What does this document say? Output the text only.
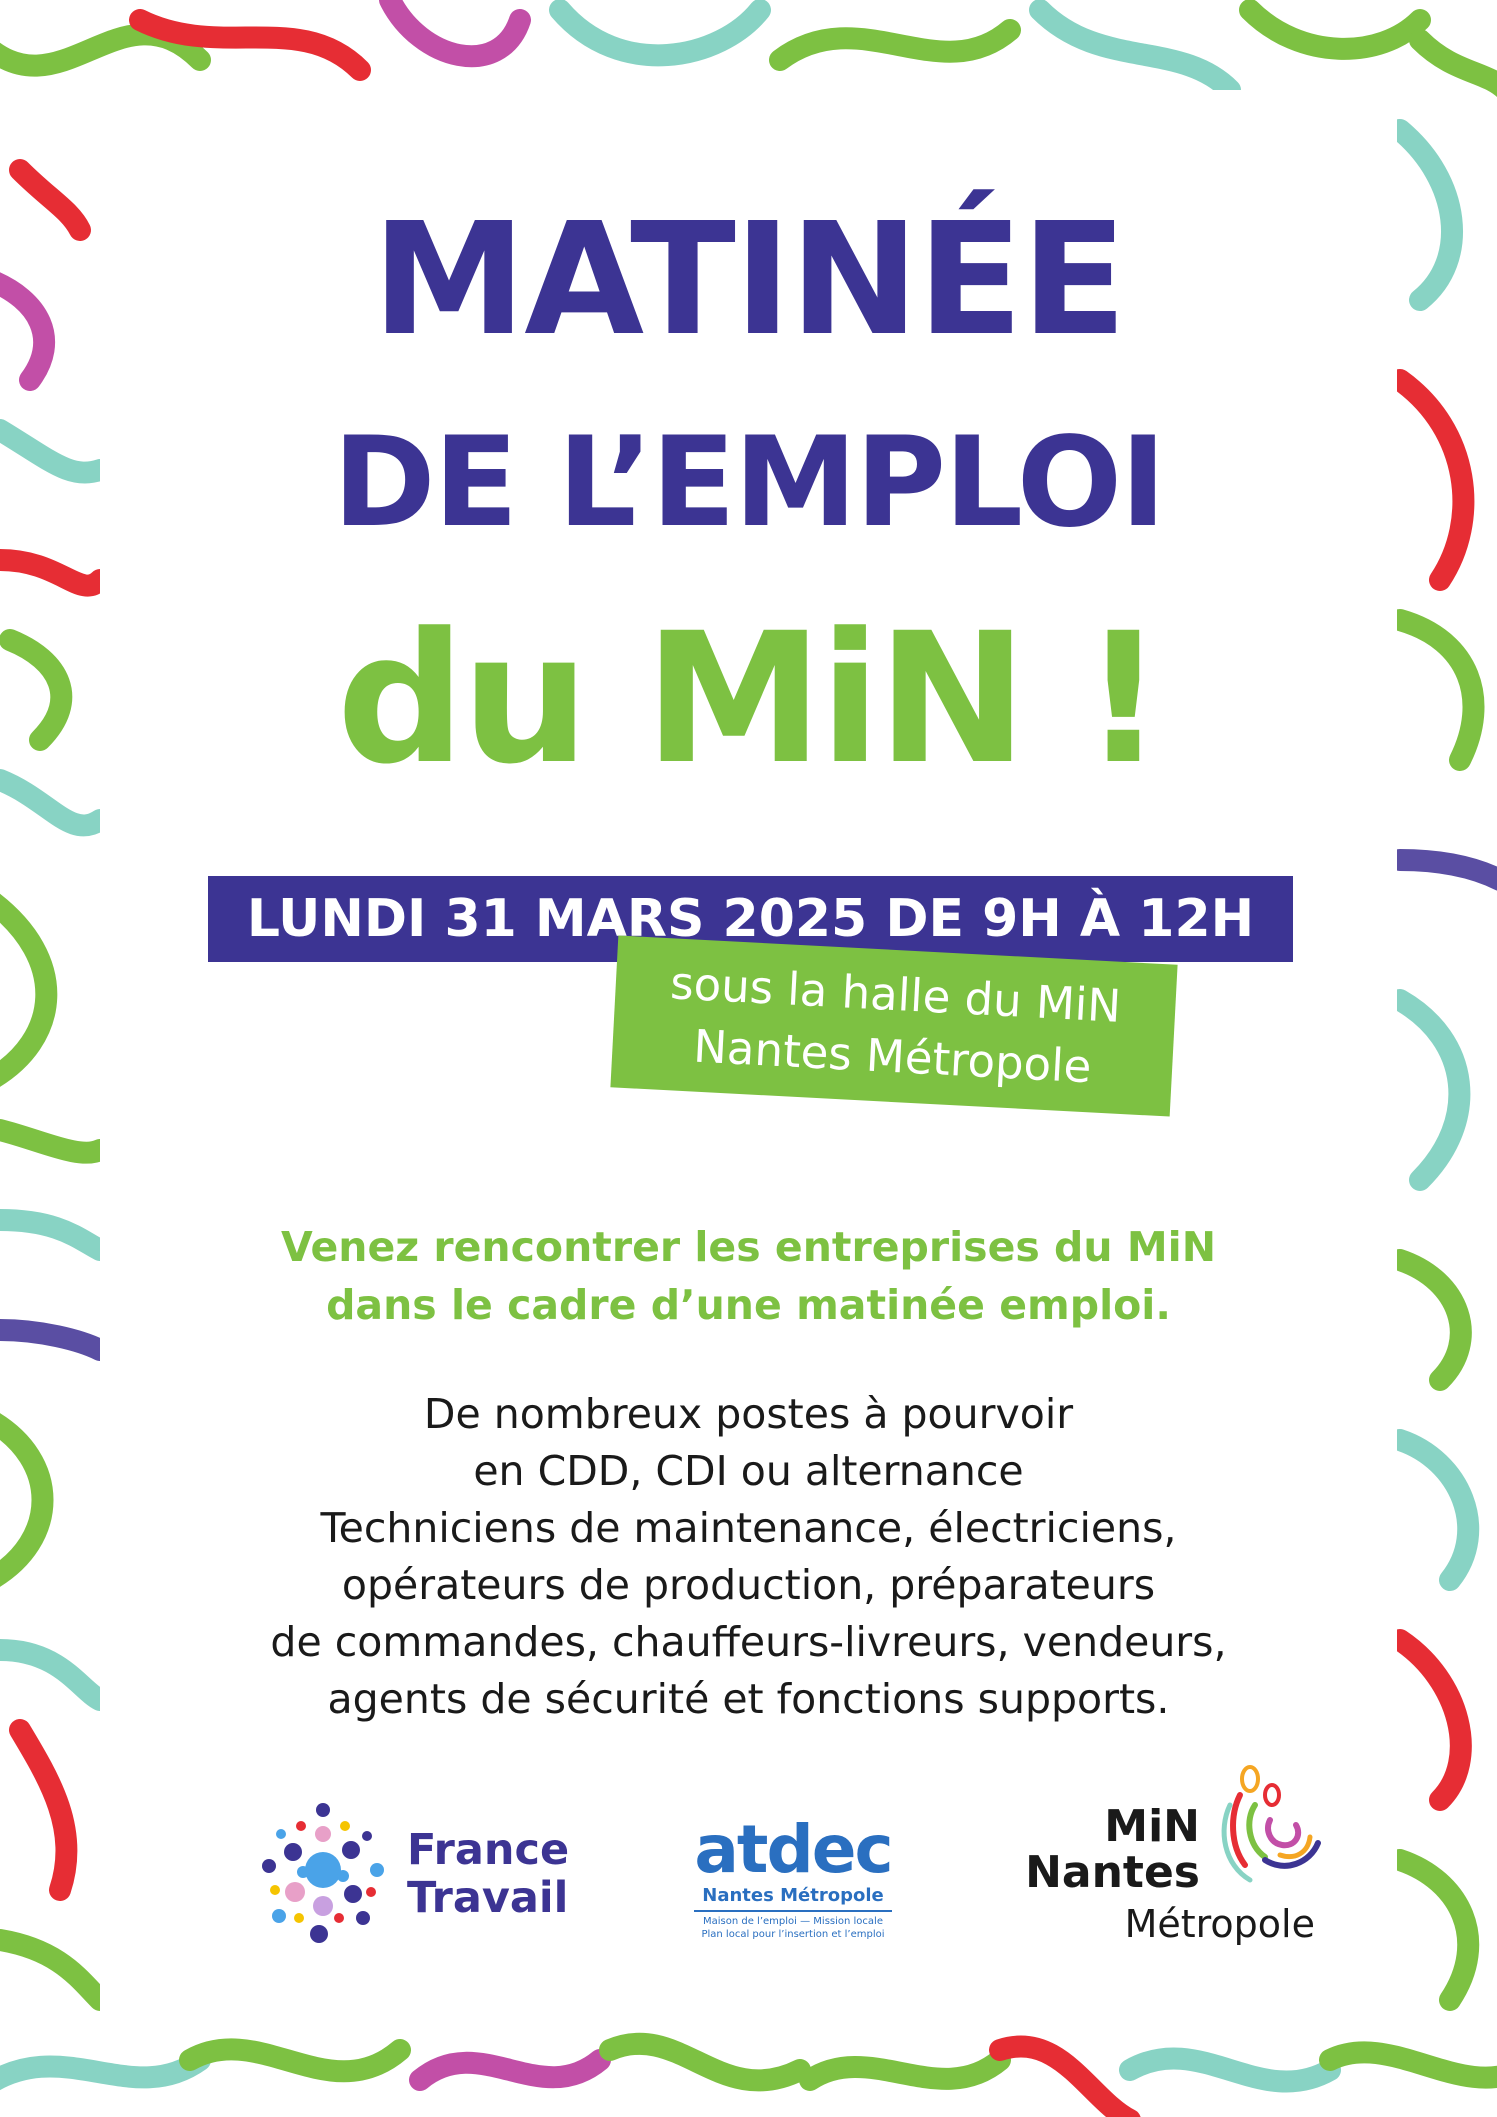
MATINÉE
DE L’EMPLOI
du MiN !
LUNDI 31 MARS 2025 DE 9H À 12H
sous la halle du MiN
Nantes Métropole
Venez rencontrer les entreprises du MiN
dans le cadre d’une matinée emploi.
De nombreux postes à pourvoir
en CDD, CDI ou alternance
Techniciens de maintenance, électriciens,
opérateurs de production, préparateurs
de commandes, chauffeurs-livreurs, vendeurs,
agents de sécurité et fonctions supports.
France
Travail
atdec
Nantes Métropole
Maison de l’emploi — Mission locale
Plan local pour l’insertion et l’emploi
MiN
Nantes
Métropole
